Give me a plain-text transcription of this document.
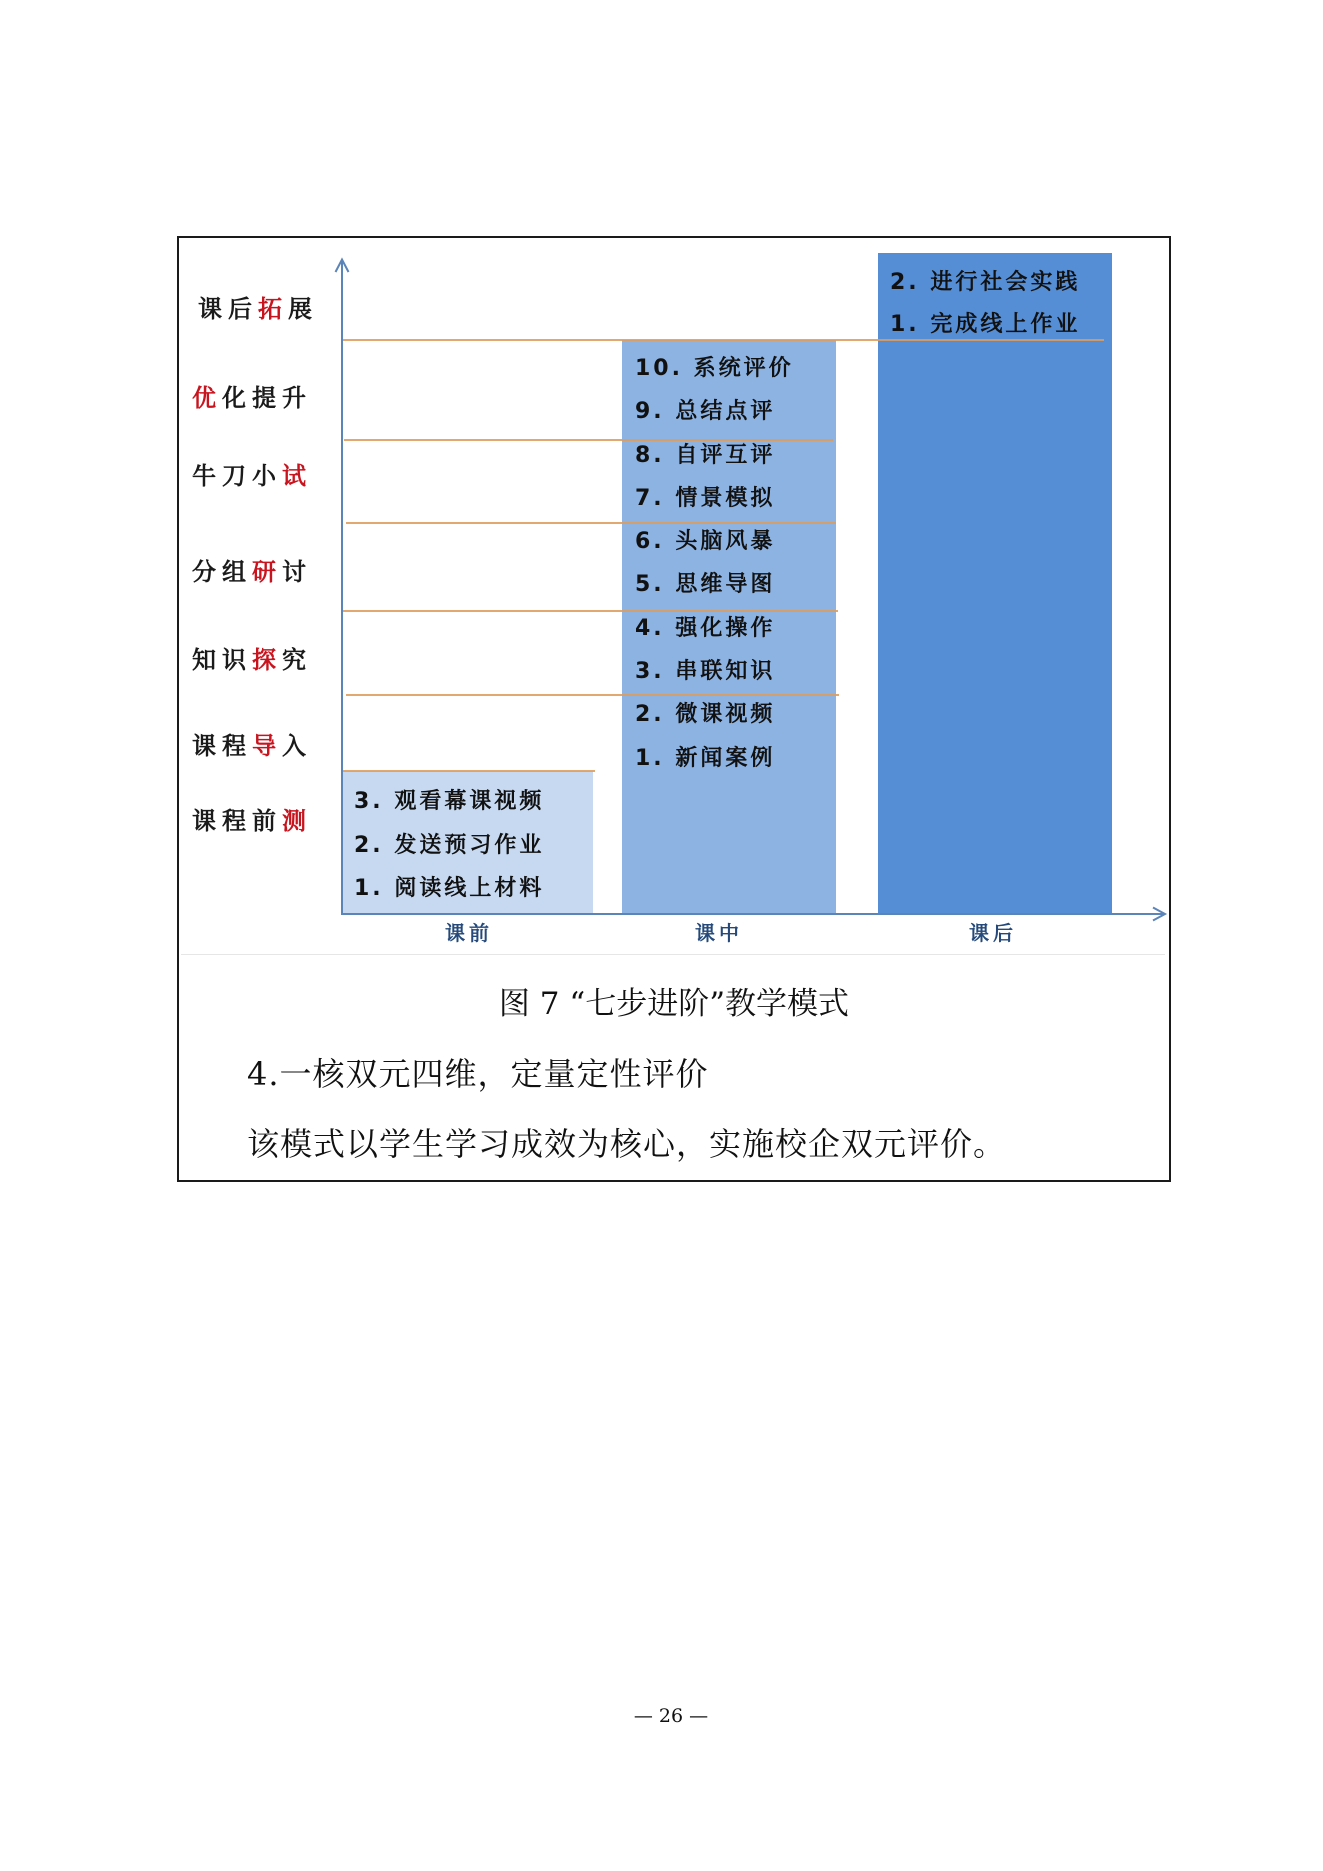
3. 观看幕课视频
2. 发送预习作业
1. 阅读线上材料
10. 系统评价
9. 总结点评
8. 自评互评
7. 情景模拟
6. 头脑风暴
5. 思维导图
4. 强化操作
3. 串联知识
2. 微课视频
1. 新闻案例
2. 进行社会实践
1. 完成线上作业
课后拓展
优化提升
牛刀小试
分组研讨
知识探究
课程导入
课程前测
课前	课中	课后
图 7 “七步进阶”教学模式
4.一核双元四维，定量定性评价
该模式以学生学习成效为核心，实施校企双元评价。
— 26 —
